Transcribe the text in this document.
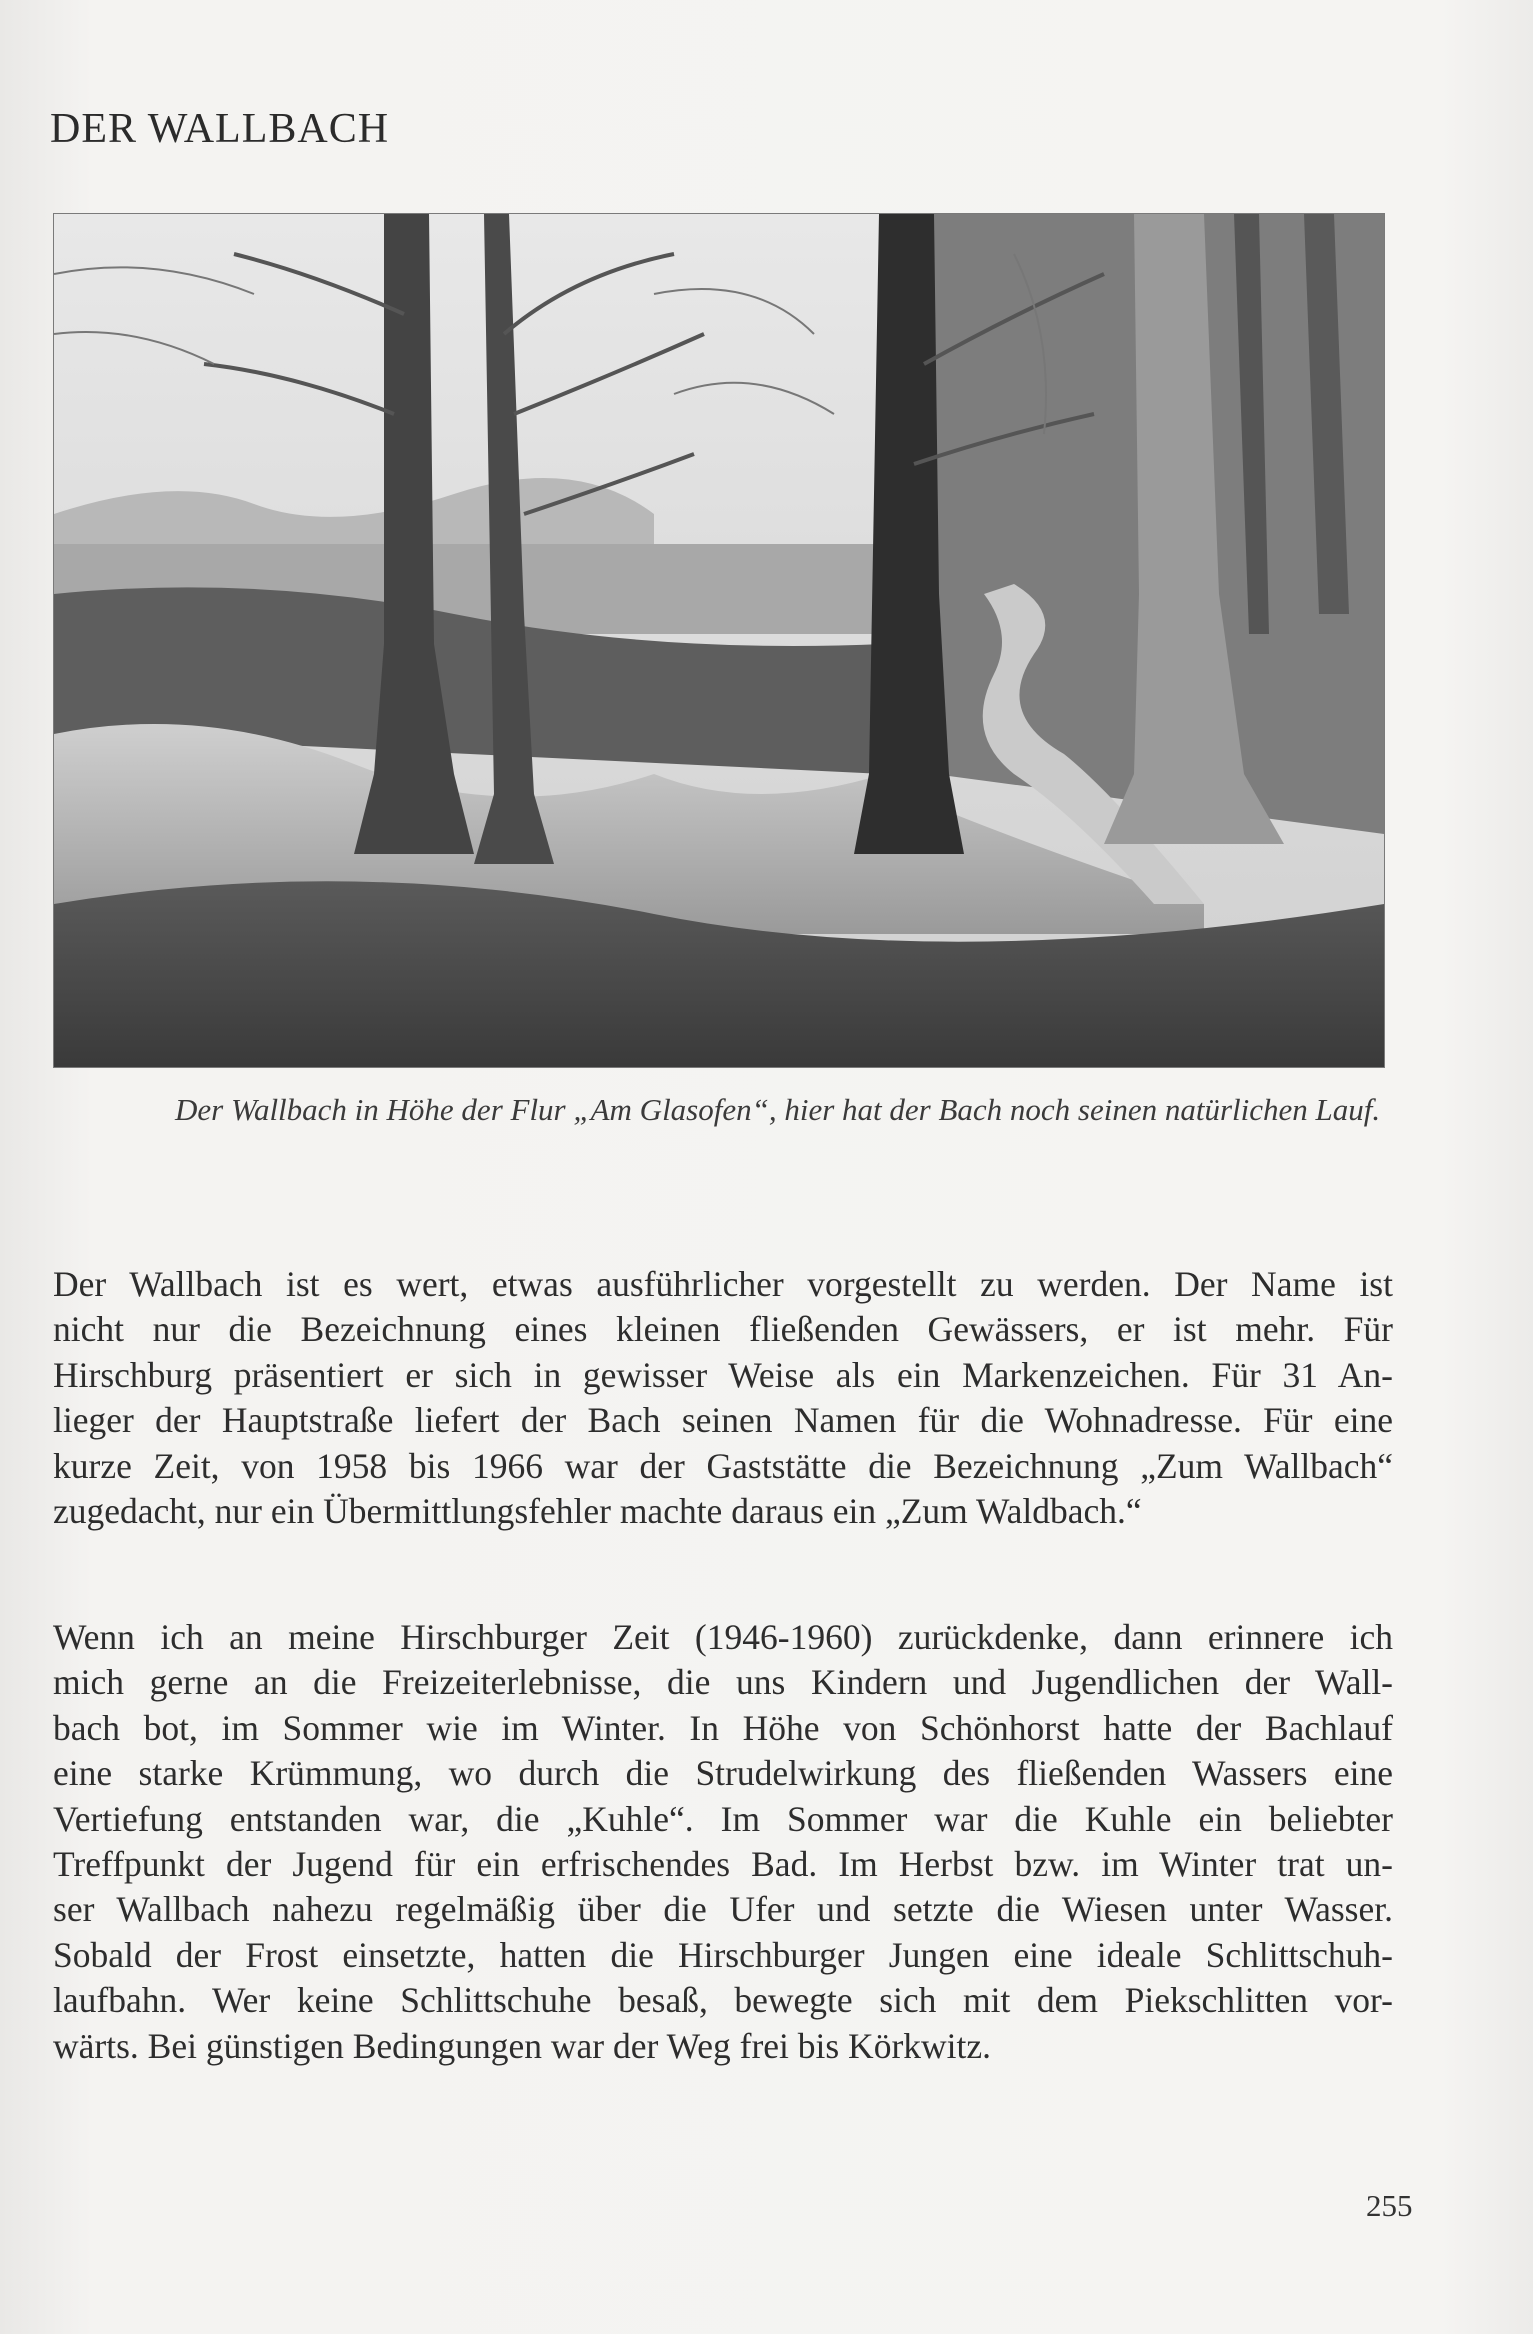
DER WALLBACH
Der Wallbach in Höhe der Flur „Am Glasofen“, hier hat der Bach noch seinen natürlichen Lauf.

Der Wallbach ist es wert, etwas ausführlicher vorgestellt zu werden. Der Name ist
nicht nur die Bezeichnung eines kleinen fließenden Gewässers, er ist mehr. Für
Hirschburg präsentiert er sich in gewisser Weise als ein Markenzeichen. Für 31 An-
lieger der Hauptstraße liefert der Bach seinen Namen für die Wohnadresse. Für eine
kurze Zeit, von 1958 bis 1966 war der Gaststätte die Bezeichnung „Zum Wallbach“
zugedacht, nur ein Übermittlungsfehler machte daraus ein „Zum Waldbach.“

Wenn ich an meine Hirschburger Zeit (1946-1960) zurückdenke, dann erinnere ich
mich gerne an die Freizeiterlebnisse, die uns Kindern und Jugendlichen der Wall-
bach bot, im Sommer wie im Winter. In Höhe von Schönhorst hatte der Bachlauf
eine starke Krümmung, wo durch die Strudelwirkung des fließenden Wassers eine
Vertiefung entstanden war, die „Kuhle“. Im Sommer war die Kuhle ein beliebter
Treffpunkt der Jugend für ein erfrischendes Bad. Im Herbst bzw. im Winter trat un-
ser Wallbach nahezu regelmäßig über die Ufer und setzte die Wiesen unter Wasser.
Sobald der Frost einsetzte, hatten die Hirschburger Jungen eine ideale Schlittschuh-
laufbahn. Wer keine Schlittschuhe besaß, bewegte sich mit dem Piekschlitten vor-
wärts. Bei günstigen Bedingungen war der Weg frei bis Körkwitz.

255
